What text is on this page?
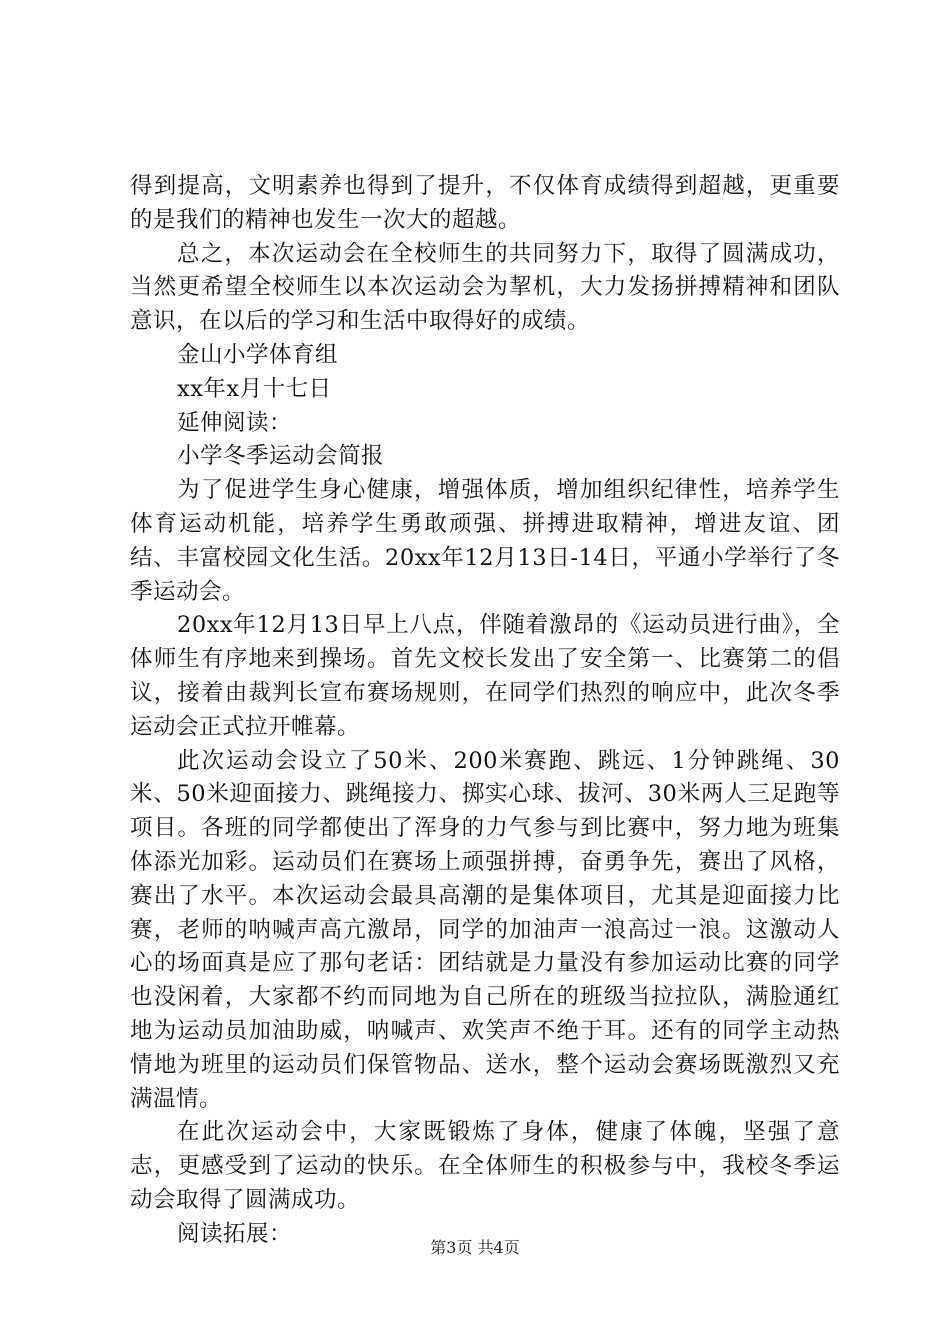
得到提高，文明素养也得到了提升，不仅体育成绩得到超越，更重要的是我们的精神也发生一次大的超越。

总之，本次运动会在全校师生的共同努力下，取得了圆满成功，当然更希望全校师生以本次运动会为挈机，大力发扬拼搏精神和团队意识，在以后的学习和生活中取得好的成绩。

金山小学体育组

xx年x月十七日

延伸阅读：

小学冬季运动会简报

为了促进学生身心健康，增强体质，增加组织纪律性，培养学生体育运动机能，培养学生勇敢顽强、拼搏进取精神，增进友谊、团结、丰富校园文化生活。20xx年12月13日-14日，平通小学举行了冬季运动会。

20xx年12月13日早上八点，伴随着激昂的《运动员进行曲》，全体师生有序地来到操场。首先文校长发出了安全第一、比赛第二的倡议，接着由裁判长宣布赛场规则，在同学们热烈的响应中，此次冬季运动会正式拉开帷幕。

此次运动会设立了50米、200米赛跑、跳远、1分钟跳绳、30米、50米迎面接力、跳绳接力、掷实心球、拔河、30米两人三足跑等项目。各班的同学都使出了浑身的力气参与到比赛中，努力地为班集体添光加彩。运动员们在赛场上顽强拼搏，奋勇争先，赛出了风格，赛出了水平。本次运动会最具高潮的是集体项目，尤其是迎面接力比赛，老师的呐喊声高亢激昂，同学的加油声一浪高过一浪。这激动人心的场面真是应了那句老话：团结就是力量没有参加运动比赛的同学也没闲着，大家都不约而同地为自己所在的班级当拉拉队，满脸通红地为运动员加油助威，呐喊声、欢笑声不绝于耳。还有的同学主动热情地为班里的运动员们保管物品、送水，整个运动会赛场既激烈又充满温情。

在此次运动会中，大家既锻炼了身体，健康了体魄，坚强了意志，更感受到了运动的快乐。在全体师生的积极参与中，我校冬季运动会取得了圆满成功。

阅读拓展：

第3页 共4页
